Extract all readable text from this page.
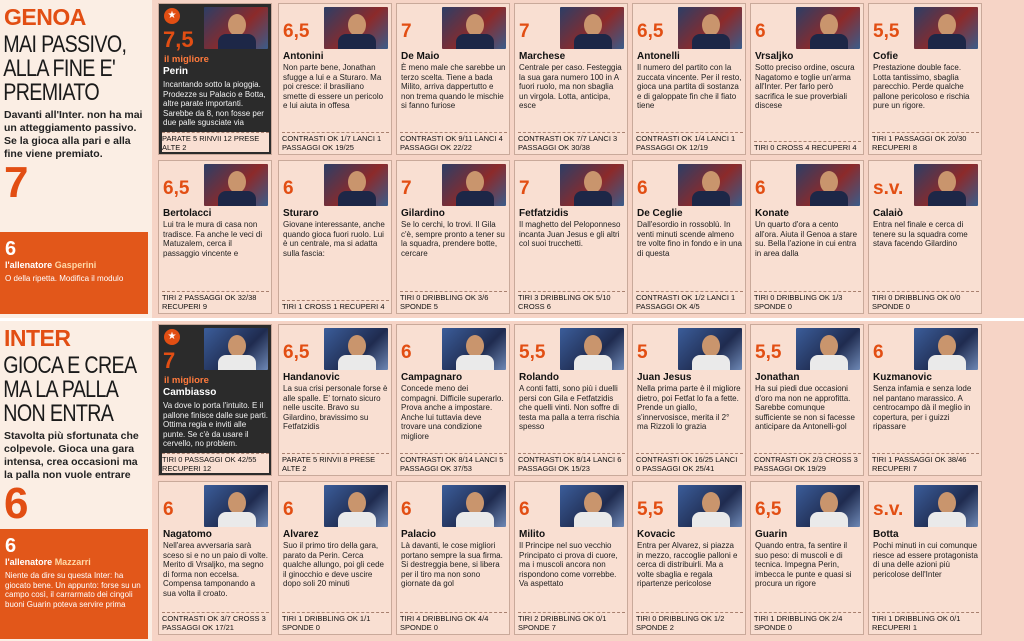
GENOA
MAI PASSIVO, ALLA FINE E' PREMIATO
Davanti all'Inter. non ha mai un atteggiamento passivo. Se la gioca alla pari e alla fine viene premiato.
7
6
l'allenatore Gasperini
O della ripetta. Modifica il modulo
★
il migliore
7,5
Perin
Incantando sotto la pioggia. Prodezze su Palacio e Botta, altre parate importanti. Sarebbe da 8, non fosse per due palle sgusciate via
PARATE 5 RINVII 12 PRESE ALTE 2
6,5
Antonini
Non parte bene, Jonathan sfugge a lui e a Sturaro. Ma poi cresce: il brasiliano smette di essere un pericolo e lui aiuta in offesa
CONTRASTI OK 1/7 LANCI 1 PASSAGGI OK 19/25
7
De Maio
È meno male che sarebbe un terzo scelta. Tiene a bada Milito, arriva dappertutto e non trema quando le mischie si fanno furiose
CONTRASTI OK 9/11 LANCI 4 PASSAGGI OK 22/22
7
Marchese
Centrale per caso. Festeggia la sua gara numero 100 in A fuori ruolo, ma non sbaglia un virgola. Lotta, anticipa, esce
CONTRASTI OK 7/7 LANCI 3 PASSAGGI OK 30/38
6,5
Antonelli
Il numero del partito con la zuccata vincente. Per il resto, gioca una partita di sostanza e di galoppate fin che il fiato tiene
CONTRASTI OK 1/4 LANCI 1 PASSAGGI OK 12/19
6
Vrsaljko
Sotto preciso ordine, oscura Nagatomo e toglie un'arma all'Inter. Per farlo però sacrifica le sue proverbiali discese
TIRI 0 CROSS 4 RECUPERI 4
5,5
Cofie
Prestazione double face. Lotta tantissimo, sbaglia parecchio. Perde qualche pallone pericoloso e rischia pure un rigore.
TIRI 1 PASSAGGI OK 20/30 RECUPERI 8
6,5
Bertolacci
Lui tra le mura di casa non tradisce. Fa anche le veci di Matuzalem, cerca il passaggio vincente e
TIRI 2 PASSAGGI OK 32/38 RECUPERI 9
6
Sturaro
Giovane interessante, anche quando gioca fuori ruolo. Lui è un centrale, ma si adatta sulla fascia:
TIRI 1 CROSS 1 RECUPERI 4
7
Gilardino
Se lo cerchi, lo trovi. Il Gila c'è, sempre pronto a tener su la squadra, prendere botte, cercare
TIRI 0 DRIBBLING OK 3/6 SPONDE 5
7
Fetfatzidis
Il maghetto del Peloponneso incanta Juan Jesus e gli altri col suoi trucchetti.
TIRI 3 DRIBBLING OK 5/10 CROSS 6
6
De Ceglie
Dall'esordio in rossoblù. In venti minuti scende almeno tre volte fino in fondo e in una di questa
CONTRASTI OK 1/2 LANCI 1 PASSAGGI OK 4/5
6
Konate
Un quarto d'ora a cento all'ora. Aiuta il Genoa a stare su. Bella l'azione in cui entra in area dalla
TIRI 0 DRIBBLING OK 1/3 SPONDE 0
s.v.
Calaiò
Entra nel finale e cerca di tenere su la squadra come stava facendo Gilardino
TIRI 0 DRIBBLING OK 0/0 SPONDE 0
INTER
GIOCA E CREA MA LA PALLA NON ENTRA
Stavolta più sfortunata che colpevole. Gioca una gara intensa, crea occasioni ma la palla non vuole entrare
6
6
l'allenatore Mazzarri
Niente da dire su questa Inter: ha giocato bene. Un appunto: forse su un campo così, il carrarmato dei cingoli buoni Guarin poteva servire prima
★
il migliore
7
Cambiasso
Va dove lo porta l'intuito. E il pallone finisce dalle sue parti. Ottima regia e inviti alle punte. Se c'è da usare il cervello, no problem.
TIRI 0 PASSAGGI OK 42/55 RECUPERI 12
6,5
Handanovic
La sua crisi personale forse è alle spalle. E' tornato sicuro nelle uscite. Bravo su Gilardino, bravissimo su Fetfatzidis
PARATE 5 RINVII 8 PRESE ALTE 2
6
Campagnaro
Concede meno dei compagni. Difficile superarlo. Prova anche a impostare. Anche lui tuttavia deve trovare una condizione migliore
CONTRASTI OK 8/14 LANCI 5 PASSAGGI OK 37/53
5,5
Rolando
A conti fatti, sono più i duelli persi con Gila e Fetfatzidis che quelli vinti. Non soffre di testa ma palla a terra rischia spesso
CONTRASTI OK 8/14 LANCI 6 PASSAGGI OK 15/23
5
Juan Jesus
Nella prima parte è il migliore dietro, poi Fetfat lo fa a fette. Prende un giallo, s'innervosisce, merita il 2° ma Rizzoli lo grazia
CONTRASTI OK 16/25 LANCI 0 PASSAGGI OK 25/41
5,5
Jonathan
Ha sui piedi due occasioni d'oro ma non ne approfitta. Sarebbe comunque sufficiente se non si facesse anticipare da Antonelli-gol
CONTRASTI OK 2/3 CROSS 3 PASSAGGI OK 19/29
6
Kuzmanovic
Senza infamia e senza lode nel pantano marassico. A centrocampo dà il meglio in copertura, per i guizzi ripassare
TIRI 1 PASSAGGI OK 38/46 RECUPERI 7
6
Nagatomo
Nell'area avversaria sarà sceso si e no un paio di volte. Merito di Vrsaljko, ma segno di forma non eccelsa. Compensa tamponando a sua volta il croato.
CONTRASTI OK 3/7 CROSS 3 PASSAGGI OK 17/21
6
Alvarez
Suo il primo tiro della gara, parato da Perin. Cerca qualche allungo, poi gli cede il ginocchio e deve uscire dopo soli 20 minuti
TIRI 1 DRIBBLING OK 1/1 SPONDE 0
6
Palacio
Là davanti, le cose migliori portano sempre la sua firma. Si destreggia bene, si libera per il tiro ma non sono giornate da gol
TIRI 4 DRIBBLING OK 4/4 SPONDE 0
6
Milito
Il Principe nel suo vecchio Principato ci prova di cuore, ma i muscoli ancora non rispondono come vorrebbe. Va aspettato
TIRI 2 DRIBBLING OK 0/1 SPONDE 7
5,5
Kovacic
Entra per Alvarez, si piazza in mezzo, raccoglie palloni e cerca di distribuirli. Ma a volte sbaglia e regala ripartenze pericolose
TIRI 0 DRIBBLING OK 1/2 SPONDE 2
6,5
Guarin
Quando entra, fa sentire il suo peso: di muscoli e di tecnica. Impegna Perin, imbecca le punte e quasi si procura un rigore
TIRI 1 DRIBBLING OK 2/4 SPONDE 0
s.v.
Botta
Pochi minuti in cui comunque riesce ad essere protagonista di una delle azioni più pericolose dell'Inter
TIRI 1 DRIBBLING OK 0/1 RECUPERI 1
